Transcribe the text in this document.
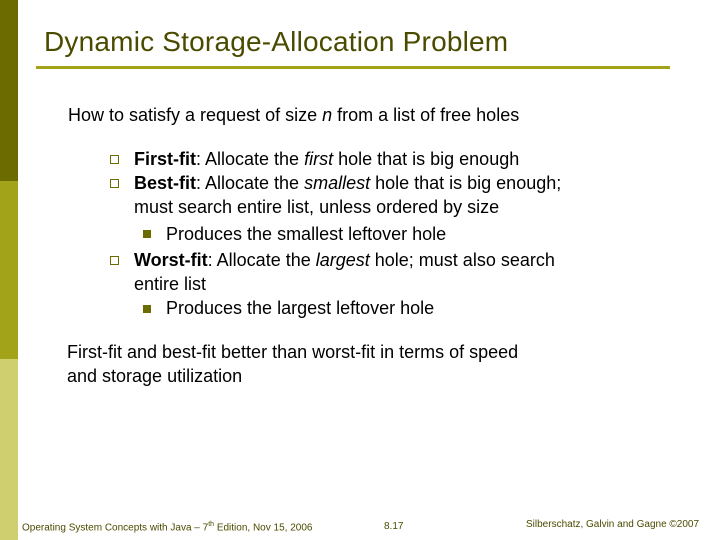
Dynamic Storage-Allocation Problem
How to satisfy a request of size n from a list of free holes
First-fit: Allocate the first hole that is big enough
Best-fit: Allocate the smallest hole that is big enough;
must search entire list, unless ordered by size
Produces the smallest leftover hole
Worst-fit: Allocate the largest hole; must also search
entire list
Produces the largest leftover hole
First-fit and best-fit better than worst-fit in terms of speed
and storage utilization
Operating System Concepts with Java – 7th Edition, Nov 15, 2006	8.17	Silberschatz, Galvin and Gagne ©2007
